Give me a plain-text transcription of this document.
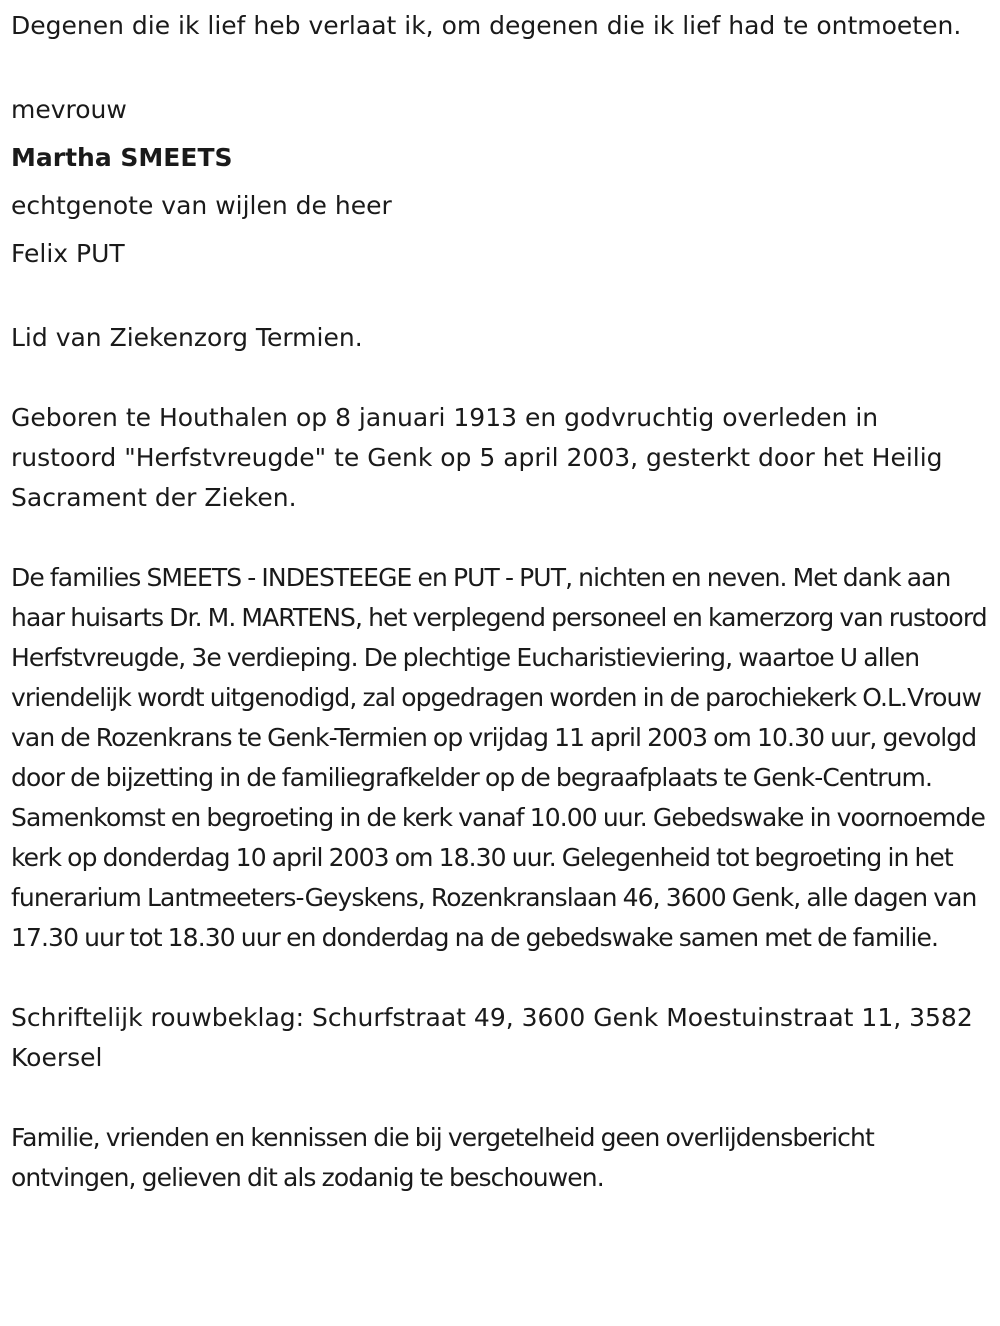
Degenen die ik lief heb verlaat ik, om degenen die ik lief had te ontmoeten.

mevrouw

Martha SMEETS

echtgenote van wijlen de heer

Felix PUT

Lid van Ziekenzorg Termien.

Geboren te Houthalen op 8 januari 1913 en godvruchtig overleden in rustoord "Herfstvreugde" te Genk op 5 april 2003, gesterkt door het Heilig Sacrament der Zieken.

De families SMEETS - INDESTEEGE en PUT - PUT, nichten en neven. Met dank aan haar huisarts Dr. M. MARTENS, het verplegend personeel en kamerzorg van rustoord Herfstvreugde, 3e verdieping. De plechtige Eucharistieviering, waartoe U allen vriendelijk wordt uitgenodigd, zal opgedragen worden in de parochiekerk O.L.Vrouw van de Rozenkrans te Genk-Termien op vrijdag 11 april 2003 om 10.30 uur, gevolgd door de bijzetting in de familiegrafkelder op de begraafplaats te Genk-Centrum. Samenkomst en begroeting in de kerk vanaf 10.00 uur. Gebedswake in voornoemde kerk op donderdag 10 april 2003 om 18.30 uur. Gelegenheid tot begroeting in het funerarium Lantmeeters-Geyskens, Rozenkranslaan 46, 3600 Genk, alle dagen van 17.30 uur tot 18.30 uur en donderdag na de gebedswake samen met de familie.

Schriftelijk rouwbeklag: Schurfstraat 49, 3600 Genk Moestuinstraat 11, 3582 Koersel

Familie, vrienden en kennissen die bij vergetelheid geen overlijdensbericht ontvingen, gelieven dit als zodanig te beschouwen.
